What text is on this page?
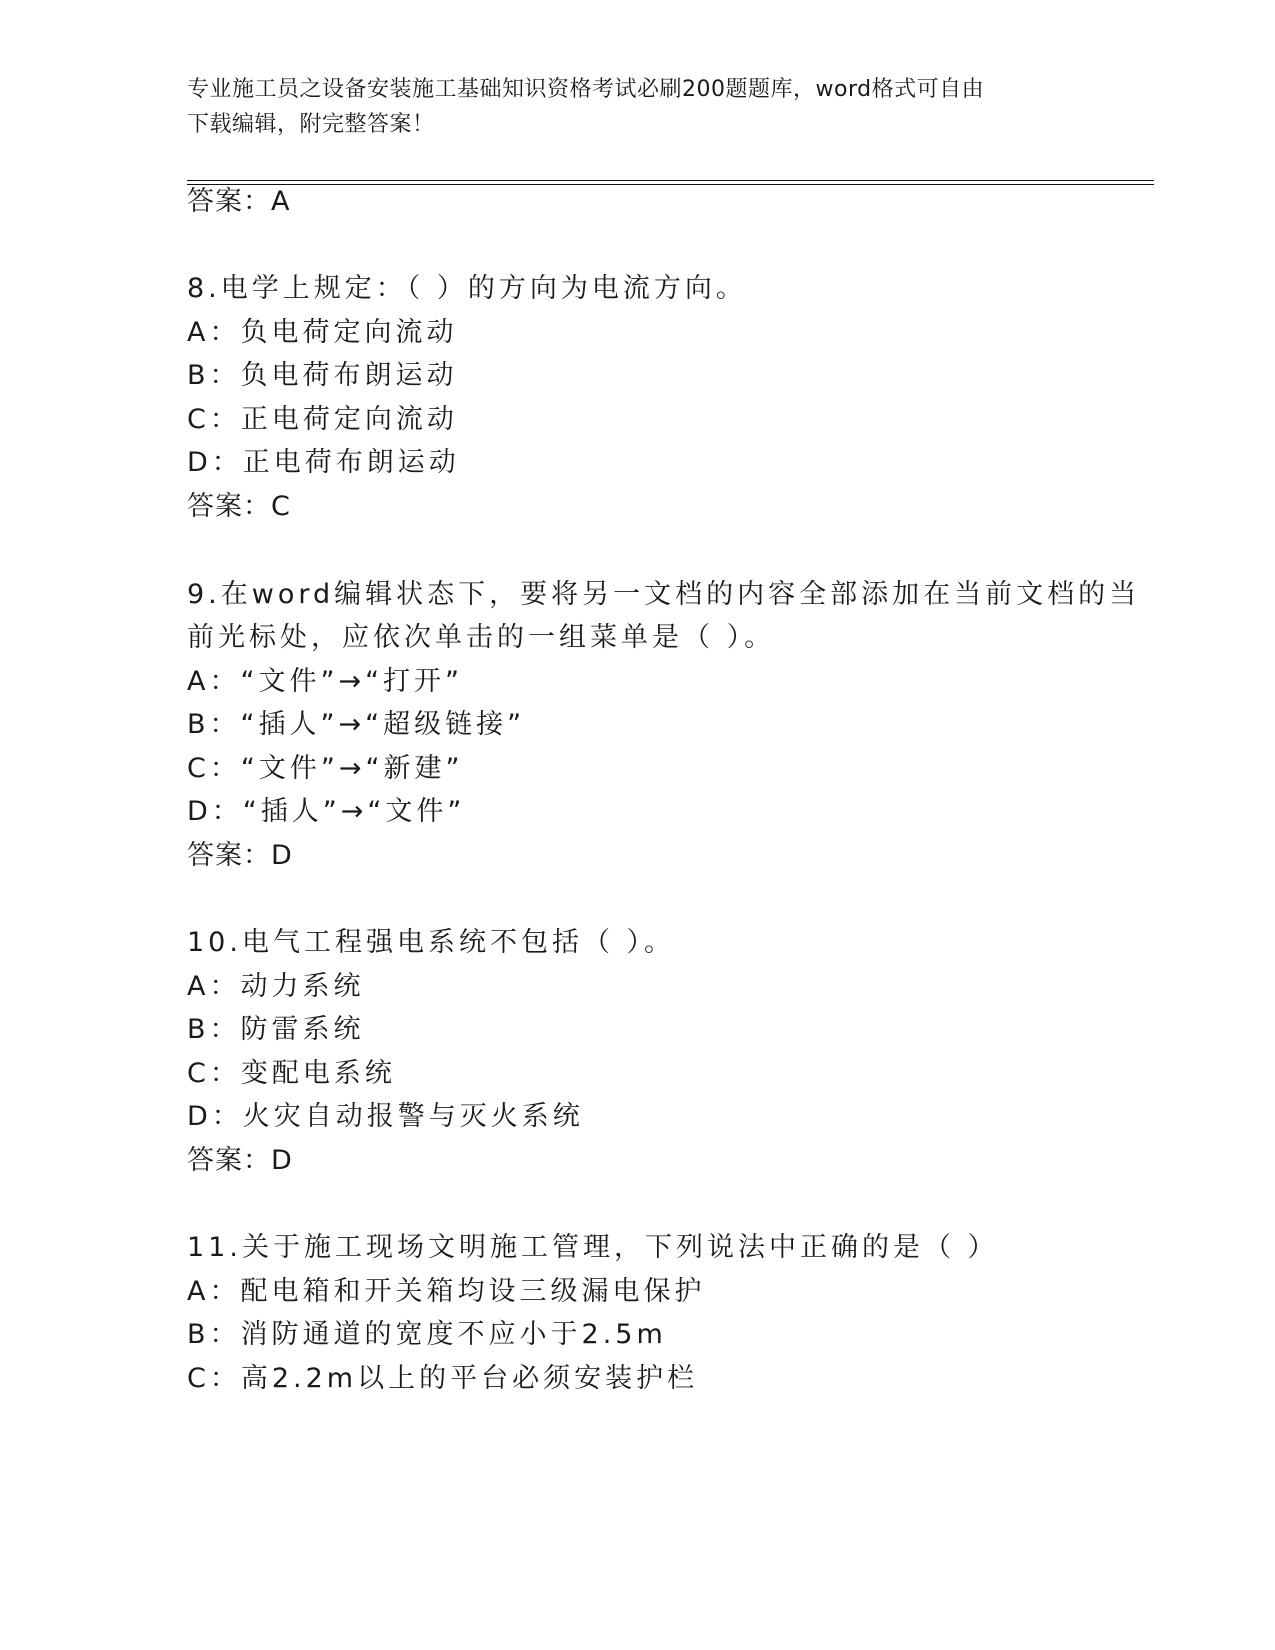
专业施工员之设备安装施工基础知识资格考试必刷200题题库，word格式可自由
下载编辑，附完整答案！
答案：A
8.电学上规定：（ ）的方向为电流方向。
A：负电荷定向流动
B：负电荷布朗运动
C：正电荷定向流动
D：正电荷布朗运动
答案：C
9.在word编辑状态下，要将另一文档的内容全部添加在当前文档的当
前光标处，应依次单击的一组菜单是（ ）。
A：“文件”→“打开”
B：“插人”→“超级链接”
C：“文件”→“新建”
D：“插人”→“文件”
答案：D
10.电气工程强电系统不包括（ ）。
A：动力系统
B：防雷系统
C：变配电系统
D：火灾自动报警与灭火系统
答案：D
11.关于施工现场文明施工管理，下列说法中正确的是（ ）
A：配电箱和开关箱均设三级漏电保护
B：消防通道的宽度不应小于2.5m
C：高2.2m以上的平台必须安装护栏
